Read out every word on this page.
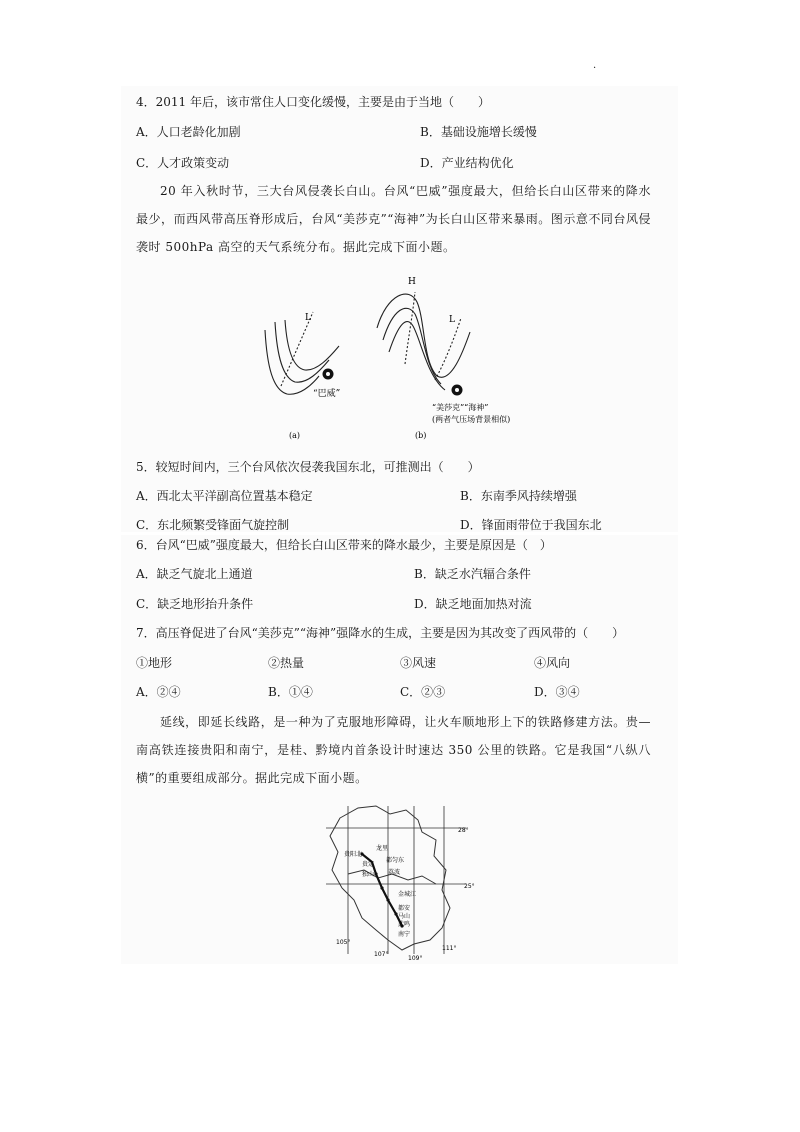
.
4．2011 年后，该市常住人口变化缓慢，主要是由于当地（　　）
A．人口老龄化加剧	B．基础设施增长缓慢
C．人才政策变动	D．产业结构优化
20 年入秋时节，三大台风侵袭长白山。台风“巴威”强度最大，但给长白山区带来的降水最少，而西风带高压脊形成后，台风“美莎克”“海神”为长白山区带来暴雨。图示意不同台风侵袭时 500hPa 高空的天气系统分布。据此完成下面小题。
L
“巴威”
(a)
H
L
“美莎克”“海神”
(两者气压场背景相似)
(b)
5．较短时间内，三个台风依次侵袭我国东北，可推测出（　　）
A．西北太平洋副高位置基本稳定	B．东南季风持续增强
C．东北频繁受锋面气旋控制	D．锋面雨带位于我国东北
6．台风“巴威”强度最大，但给长白山区带来的降水最少，主要是原因是（　）
A．缺乏气旋北上通道	B．缺乏水汽辐合条件
C．缺乏地形抬升条件	D．缺乏地面加热对流
7．高压脊促进了台风“美莎克”“海神”强降水的生成，主要是因为其改变了西风带的（　　）
①地形	②热量	③风速	④风向
A．②④	B．①④	C．②③	D．③④
延线，即延长线路，是一种为了克服地形障碍，让火车顺地形上下的铁路修建方法。贵—南高铁连接贵阳和南宁，是桂、黔境内首条设计时速达 350 公里的铁路。它是我国“八纵八横”的重要组成部分。据此完成下面小题。
28°
25°
105°
107°
109°
111°
贵阳北
龙里
贵定
都匀东
独山 荔波
金城江
都安
马山
武鸣
南宁
